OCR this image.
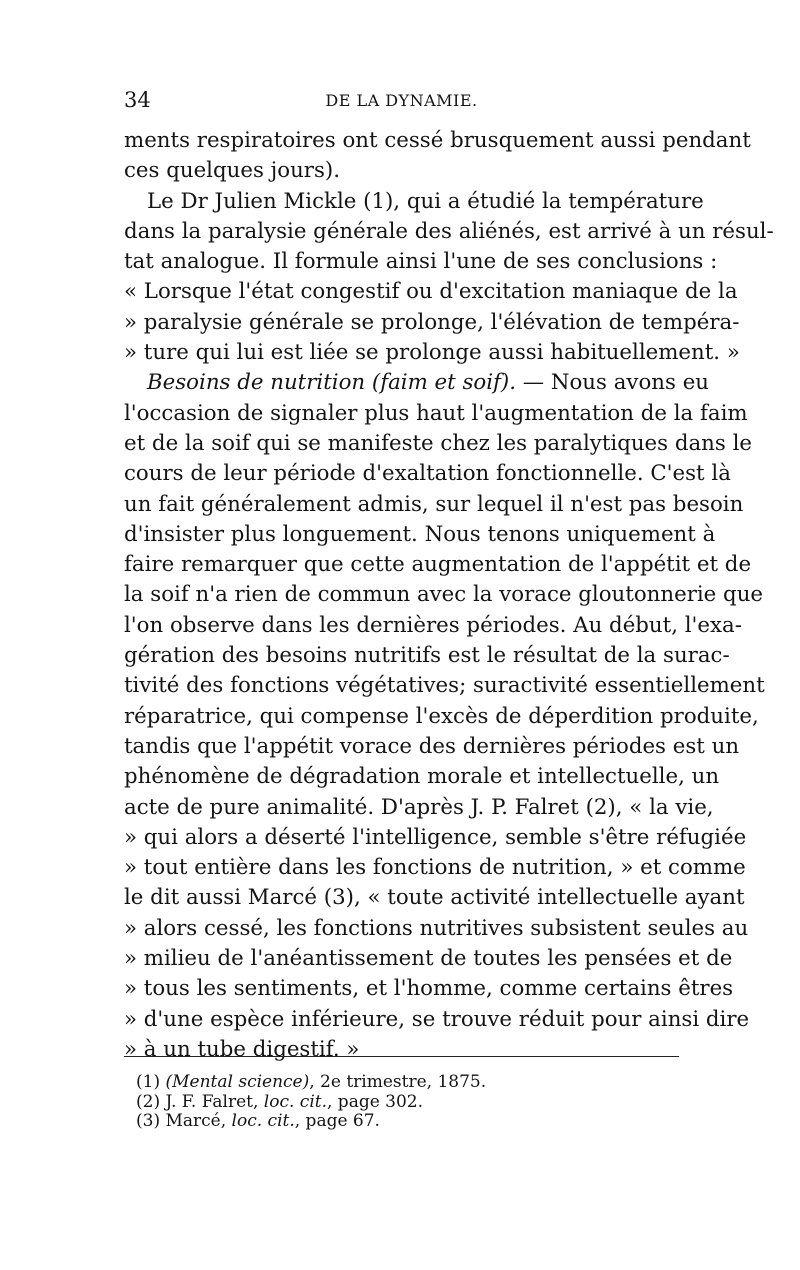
34	DE LA DYNAMIE.
ments respiratoires ont cessé brusquement aussi pendant
ces quelques jours).
Le Dr Julien Mickle (1), qui a étudié la température
dans la paralysie générale des aliénés, est arrivé à un résul-
tat analogue. Il formule ainsi l'une de ses conclusions :
« Lorsque l'état congestif ou d'excitation maniaque de la
» paralysie générale se prolonge, l'élévation de tempéra-
» ture qui lui est liée se prolonge aussi habituellement. »
Besoins de nutrition (faim et soif). — Nous avons eu
l'occasion de signaler plus haut l'augmentation de la faim
et de la soif qui se manifeste chez les paralytiques dans le
cours de leur période d'exaltation fonctionnelle. C'est là
un fait généralement admis, sur lequel il n'est pas besoin
d'insister plus longuement. Nous tenons uniquement à
faire remarquer que cette augmentation de l'appétit et de
la soif n'a rien de commun avec la vorace gloutonnerie que
l'on observe dans les dernières périodes. Au début, l'exa-
gération des besoins nutritifs est le résultat de la surac-
tivité des fonctions végétatives; suractivité essentiellement
réparatrice, qui compense l'excès de déperdition produite,
tandis que l'appétit vorace des dernières périodes est un
phénomène de dégradation morale et intellectuelle, un
acte de pure animalité. D'après J. P. Falret (2), « la vie,
» qui alors a déserté l'intelligence, semble s'être réfugiée
» tout entière dans les fonctions de nutrition, » et comme
le dit aussi Marcé (3), « toute activité intellectuelle ayant
» alors cessé, les fonctions nutritives subsistent seules au
» milieu de l'anéantissement de toutes les pensées et de
» tous les sentiments, et l'homme, comme certains êtres
» d'une espèce inférieure, se trouve réduit pour ainsi dire
» à un tube digestif. »
(1) (Mental science), 2e trimestre, 1875.
(2) J. F. Falret, loc. cit., page 302.
(3) Marcé, loc. cit., page 67.
